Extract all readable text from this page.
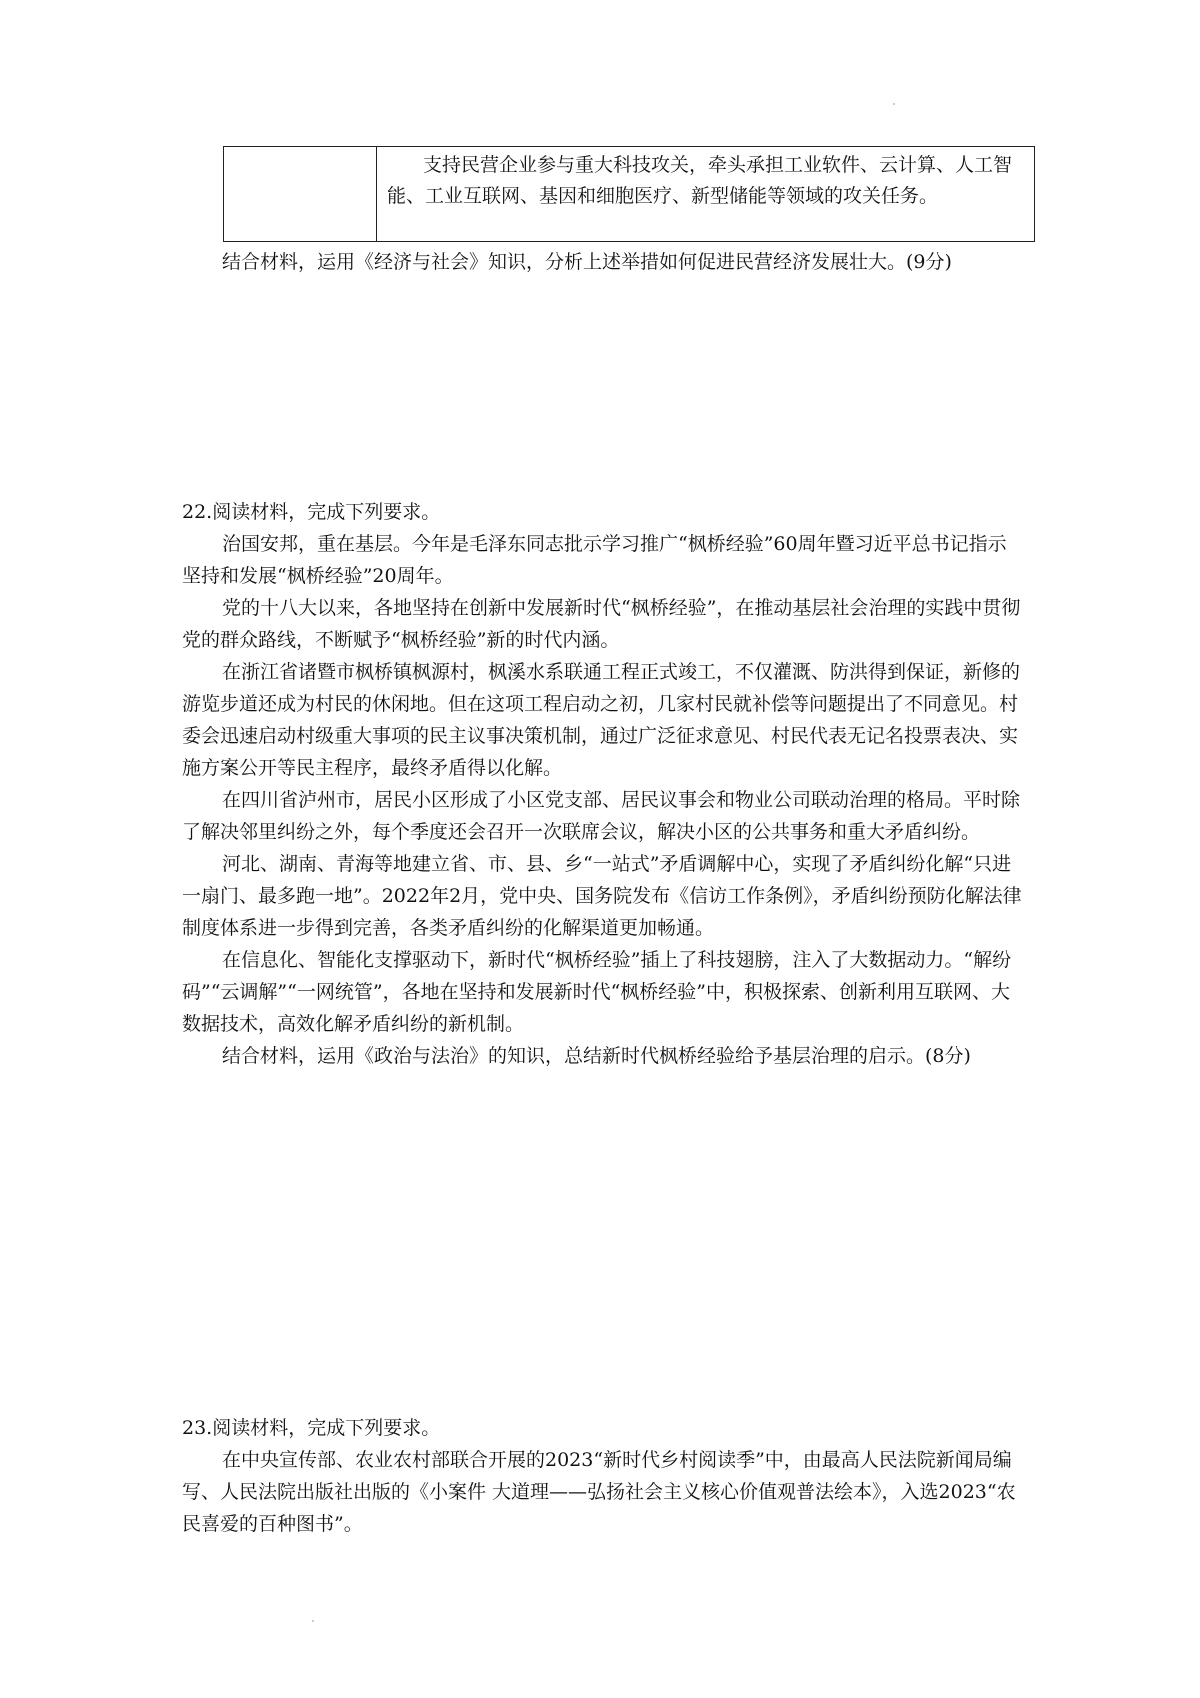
支持民营企业参与重大科技攻关，牵头承担工业软件、云计算、人工智能、工业互联网、基因和细胞医疗、新型储能等领域的攻关任务。

结合材料，运用《经济与社会》知识，分析上述举措如何促进民营经济发展壮大。(9分)

22.阅读材料，完成下列要求。

治国安邦，重在基层。今年是毛泽东同志批示学习推广“枫桥经验”60周年暨习近平总书记指示坚持和发展“枫桥经验”20周年。

党的十八大以来，各地坚持在创新中发展新时代“枫桥经验”，在推动基层社会治理的实践中贯彻党的群众路线，不断赋予“枫桥经验”新的时代内涵。

在浙江省诸暨市枫桥镇枫源村，枫溪水系联通工程正式竣工，不仅灌溉、防洪得到保证，新修的游览步道还成为村民的休闲地。但在这项工程启动之初，几家村民就补偿等问题提出了不同意见。村委会迅速启动村级重大事项的民主议事决策机制，通过广泛征求意见、村民代表无记名投票表决、实施方案公开等民主程序，最终矛盾得以化解。

在四川省泸州市，居民小区形成了小区党支部、居民议事会和物业公司联动治理的格局。平时除了解决邻里纠纷之外，每个季度还会召开一次联席会议，解决小区的公共事务和重大矛盾纠纷。

河北、湖南、青海等地建立省、市、县、乡“一站式”矛盾调解中心，实现了矛盾纠纷化解“只进一扇门、最多跑一地”。2022年2月，党中央、国务院发布《信访工作条例》，矛盾纠纷预防化解法律制度体系进一步得到完善，各类矛盾纠纷的化解渠道更加畅通。

在信息化、智能化支撑驱动下，新时代“枫桥经验”插上了科技翅膀，注入了大数据动力。“解纷码”“云调解”“一网统管”，各地在坚持和发展新时代“枫桥经验”中，积极探索、创新利用互联网、大数据技术，高效化解矛盾纠纷的新机制。

结合材料，运用《政治与法治》的知识，总结新时代枫桥经验给予基层治理的启示。(8分)

23.阅读材料，完成下列要求。

在中央宣传部、农业农村部联合开展的2023“新时代乡村阅读季”中，由最高人民法院新闻局编写、人民法院出版社出版的《小案件 大道理——弘扬社会主义核心价值观普法绘本》，入选2023“农民喜爱的百种图书”。
